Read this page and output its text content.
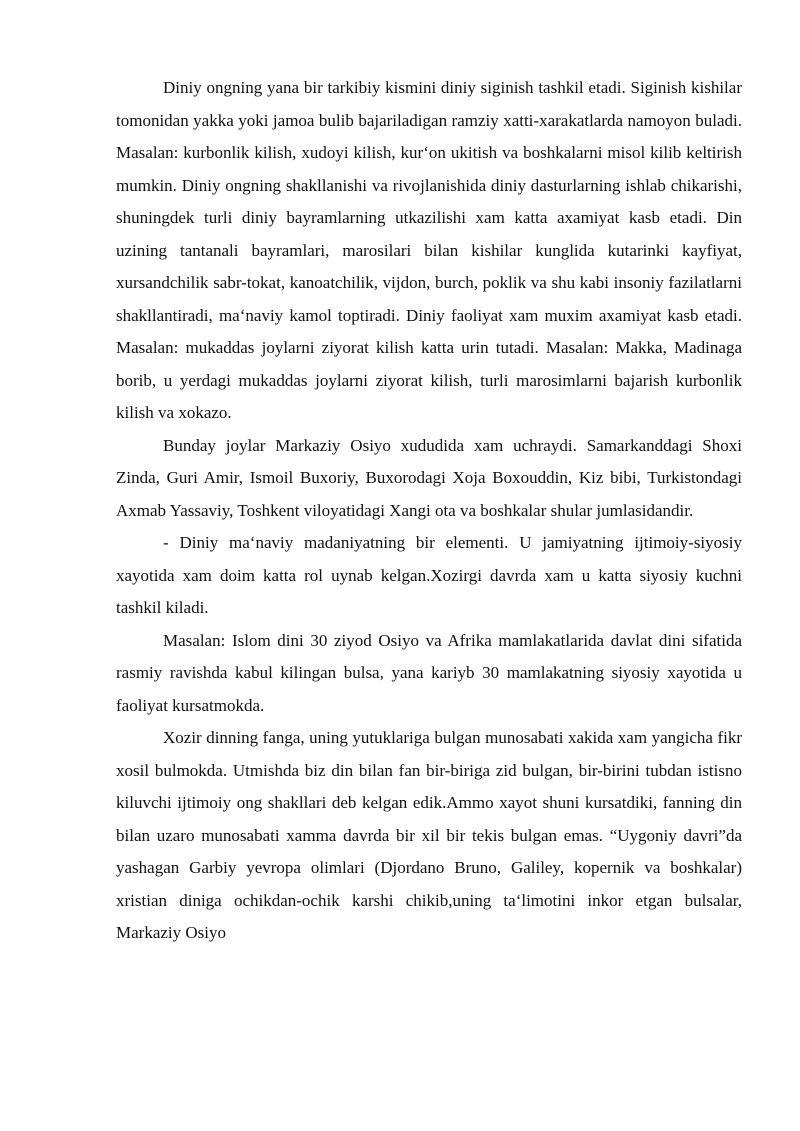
Diniy ongning yana bir tarkibiy kismini diniy siginish tashkil etadi. Siginish kishilar tomonidan yakka yoki jamoa bulib bajariladigan ramziy xatti-xarakatlarda namoyon buladi. Masalan: kurbonlik kilish, xudoyi kilish, kur‘on ukitish va boshkalarni misol kilib keltirish mumkin. Diniy ongning shakllanishi va rivojlanishida diniy dasturlarning ishlab chikarishi, shuningdek turli diniy bayramlarning utkazilishi xam katta axamiyat kasb etadi. Din uzining tantanali bayramlari, marosilari bilan kishilar kunglida kutarinki kayfiyat, xursandchilik sabr-tokat, kanoatchilik, vijdon, burch, poklik va shu kabi insoniy fazilatlarni shakllantiradi, ma‘naviy kamol toptiradi. Diniy faoliyat xam muxim axamiyat kasb etadi. Masalan: mukaddas joylarni ziyorat kilish katta urin tutadi. Masalan: Makka, Madinaga borib, u yerdagi mukaddas joylarni ziyorat kilish, turli marosimlarni bajarish kurbonlik kilish va xokazo.

Bunday joylar Markaziy Osiyo xududida xam uchraydi. Samarkanddagi Shoxi Zinda, Guri Amir, Ismoil Buxoriy, Buxorodagi Xoja Boxouddin, Kiz bibi, Turkistondagi Axmab Yassaviy, Toshkent viloyatidagi Xangi ota va boshkalar shular jumlasidandir.

- Diniy ma‘naviy madaniyatning bir elementi. U jamiyatning ijtimoiy-siyosiy xayotida xam doim katta rol uynab kelgan.Xozirgi davrda xam u katta siyosiy kuchni tashkil kiladi.

Masalan: Islom dini 30 ziyod Osiyo va Afrika mamlakatlarida davlat dini sifatida rasmiy ravishda kabul kilingan bulsa, yana kariyb 30 mamlakatning siyosiy xayotida u faoliyat kursatmokda.

Xozir dinning fanga, uning yutuklariga bulgan munosabati xakida xam yangicha fikr xosil bulmokda. Utmishda biz din bilan fan bir-biriga zid bulgan, bir-birini tubdan istisno kiluvchi ijtimoiy ong shakllari deb kelgan edik.Ammo xayot shuni kursatdiki, fanning din bilan uzaro munosabati xamma davrda bir xil bir tekis bulgan emas. “Uygoniy davri”da yashagan Garbiy yevropa olimlari (Djordano Bruno, Galiley, kopernik va boshkalar) xristian diniga ochikdan-ochik karshi chikib,uning ta‘limotini inkor etgan bulsalar, Markaziy Osiyo
